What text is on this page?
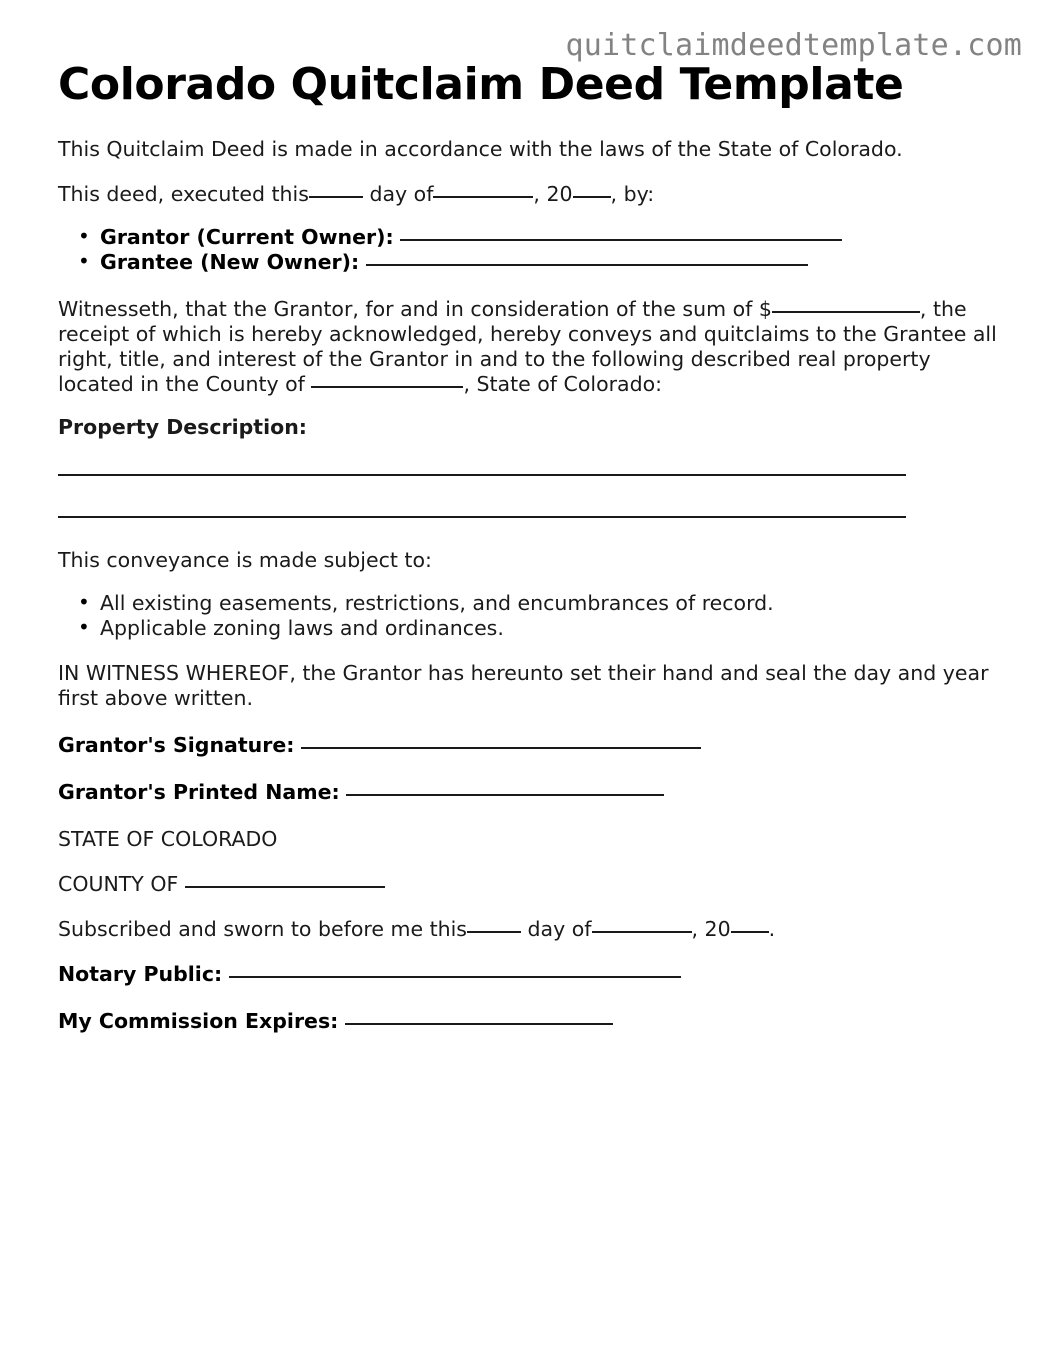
quitclaimdeedtemplate.com
Colorado Quitclaim Deed Template

This Quitclaim Deed is made in accordance with the laws of the State of Colorado.

This deed, executed this	day of	, 20 , by:

• Grantor (Current Owner):
• Grantee (New Owner):

Witnesseth, that the Grantor, for and in consideration of the sum of $	, the receipt of which is hereby acknowledged, hereby conveys and quitclaims to the Grantee all right, title, and interest of the Grantor in and to the following described real property located in the County of	, State of Colorado:

Property Description:

This conveyance is made subject to:

• All existing easements, restrictions, and encumbrances of record.
• Applicable zoning laws and ordinances.

IN WITNESS WHEREOF, the Grantor has hereunto set their hand and seal the day and year first above written.

Grantor's Signature:

Grantor's Printed Name:

STATE OF COLORADO

COUNTY OF

Subscribed and sworn to before me this	day of	, 20 .

Notary Public:

My Commission Expires:
